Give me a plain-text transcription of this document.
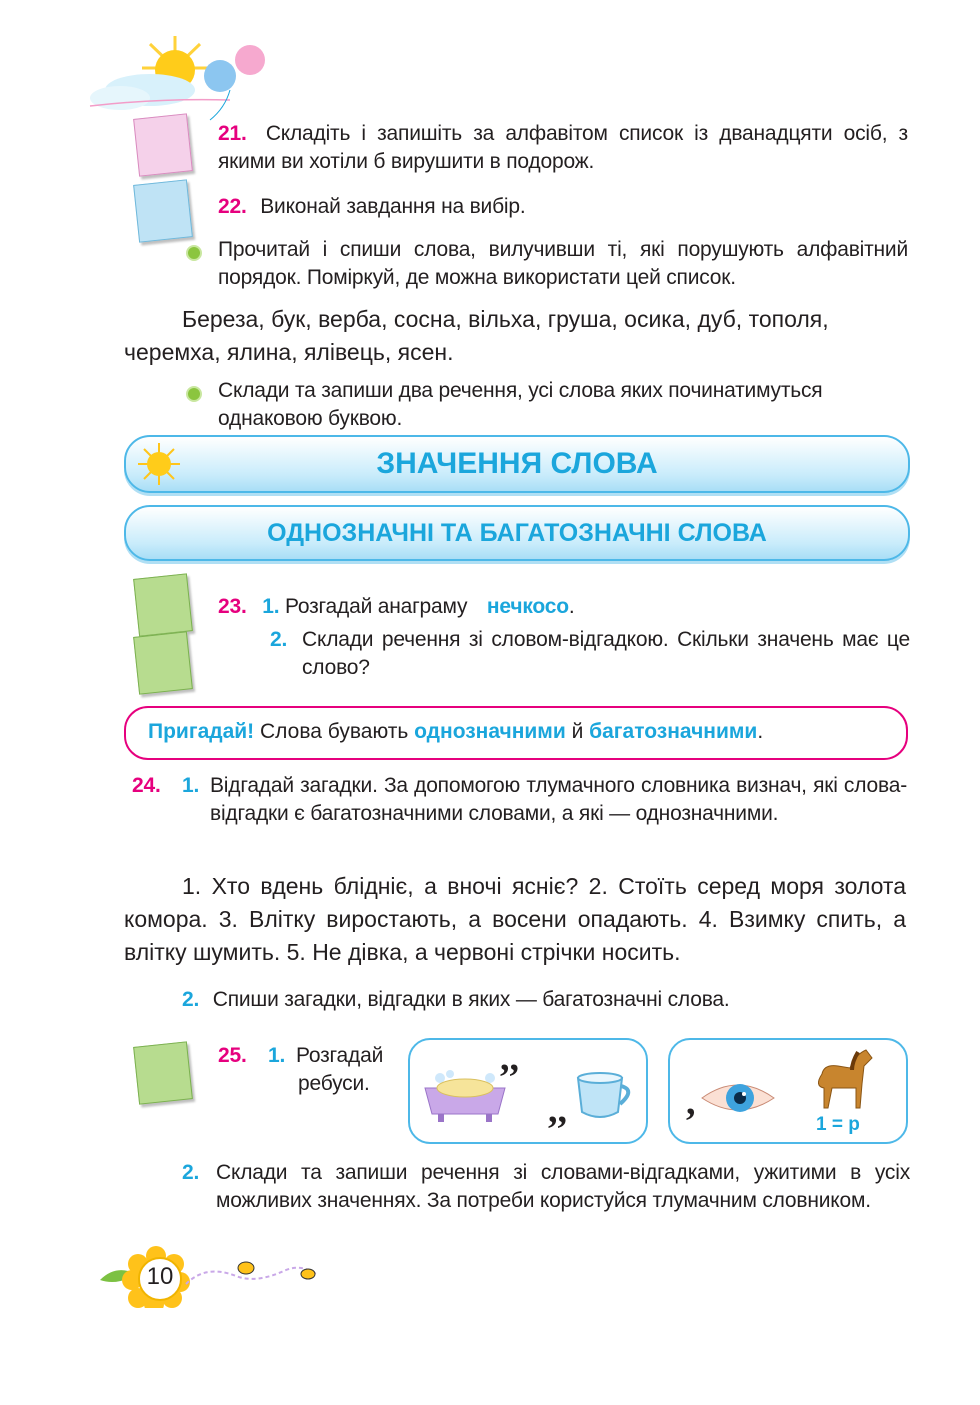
21. Складіть і запишіть за алфавітом список із дванадцяти осіб, з якими ви хотіли б вирушити в подорож.
22. Виконай завдання на вибір.
Прочитай і спиши слова, вилучивши ті, які порушують алфавітний порядок. Поміркуй, де можна використати цей список.
Береза, бук, верба, сосна, вільха, груша, осика, дуб, тополя,
черемха, ялина, ялівець, ясен.
Склади та запиши два речення, усі слова яких починатимуться однаковою буквою.
ЗНАЧЕННЯ СЛОВА
ОДНОЗНАЧНІ ТА БАГАТОЗНАЧНІ СЛОВА
23. 1. Розгадай анаграму нечкосо.
2. Склади речення зі словом-відгадкою. Скільки значень має це слово?
Пригадай! Слова бувають однозначними й багатозначними.
24. 1. Відгадай загадки. За допомогою тлумачного словника визнач, які слова-відгадки є багатозначними словами, а які — однозначними.
1. Хто вдень блідніє, а вночі ясніє? 2. Стоїть серед моря золота комора. 3. Влітку виростають, а восени опадають. 4. Взимку спить, а влітку шумить. 5. Не дівка, а червоні стрічки носить.
2. Спиши загадки, відгадки в яких — багатозначні слова.
25. 1. Розгадай
ребуси.
,,
,,	,
1 = р
2. Склади та запиши речення зі словами-відгадками, ужитими в усіх можливих значеннях. За потреби користуйся тлумачним словником.
10
